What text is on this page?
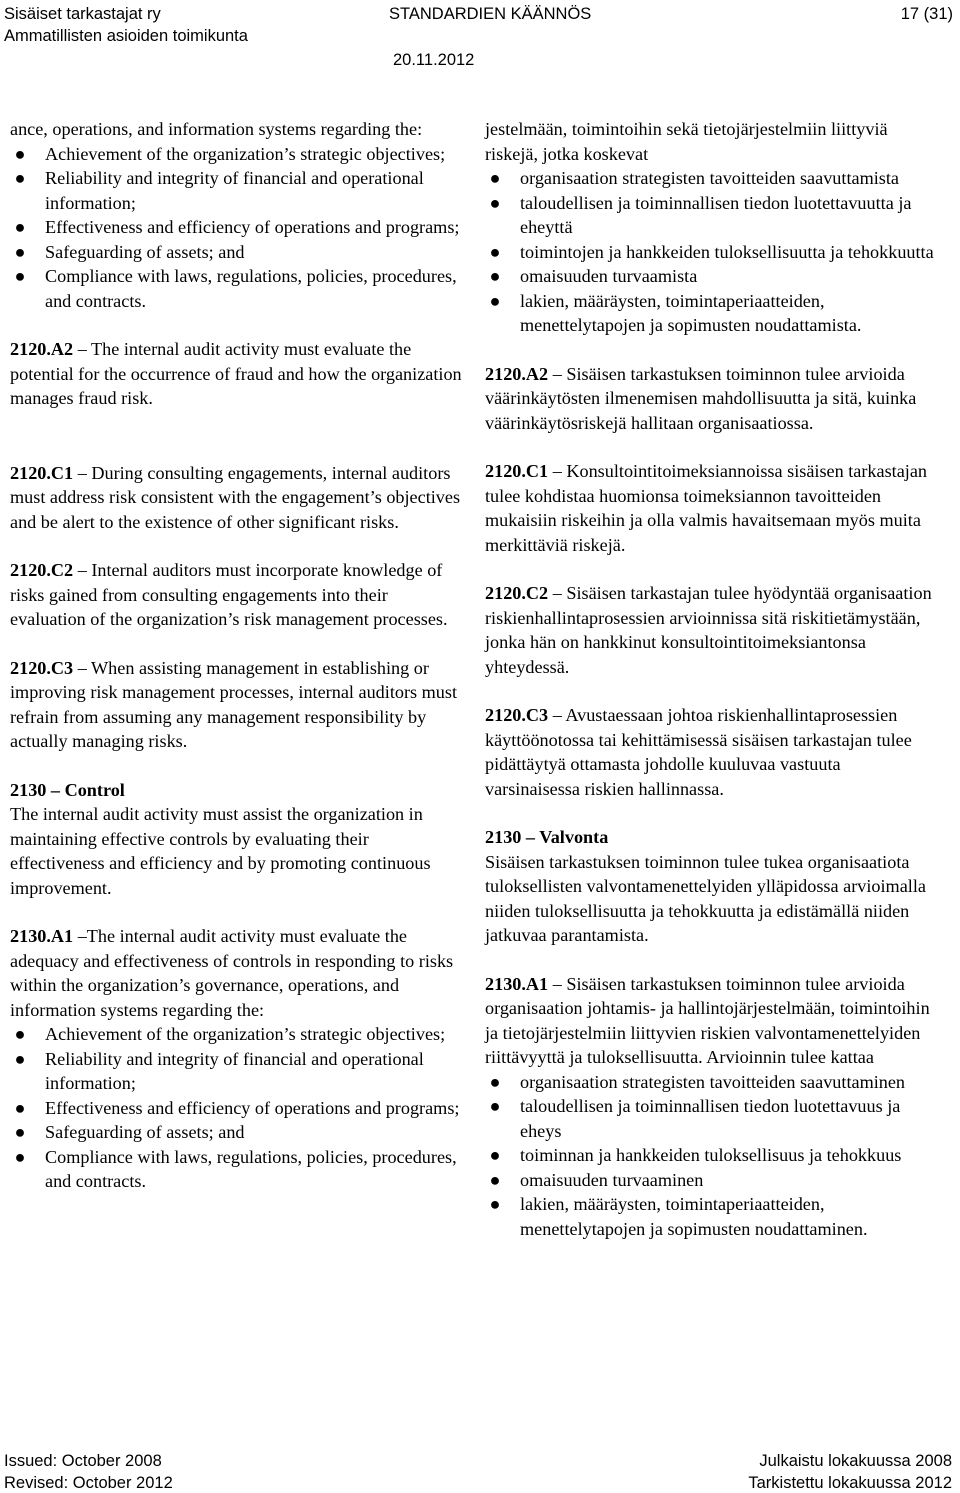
Sisäiset tarkastajat ry
Ammatillisten asioiden toimikunta
STANDARDIEN KÄÄNNÖS
20.11.2012
17 (31)

ance, operations, and information systems regarding the:

● Achievement of the organization’s strategic objectives;
● Reliability and integrity of financial and operational information;
● Effectiveness and efficiency of operations and programs;
● Safeguarding of assets; and
● Compliance with laws, regulations, policies, procedures, and contracts.

2120.A2 – The internal audit activity must evaluate the potential for the occurrence of fraud and how the organization manages fraud risk.

2120.C1 – During consulting engagements, internal auditors must address risk consistent with the engagement’s objectives and be alert to the existence of other significant risks.

2120.C2 – Internal auditors must incorporate knowledge of risks gained from consulting engagements into their evaluation of the organization’s risk management processes.

2120.C3 – When assisting management in establishing or improving risk management processes, internal auditors must refrain from assuming any management responsibility by actually managing risks.

2130 – Control

The internal audit activity must assist the organization in maintaining effective controls by evaluating their effectiveness and efficiency and by promoting continuous improvement.

2130.A1 –The internal audit activity must evaluate the adequacy and effectiveness of controls in responding to risks within the organization’s governance, operations, and information systems regarding the:

● Achievement of the organization’s strategic objectives;
● Reliability and integrity of financial and operational information;
● Effectiveness and efficiency of operations and programs;
● Safeguarding of assets; and
● Compliance with laws, regulations, policies, procedures, and contracts.

jestelmään, toimintoihin sekä tietojärjestelmiin liittyviä riskejä, jotka koskevat

● organisaation strategisten tavoitteiden saavuttamista
● taloudellisen ja toiminnallisen tiedon luotettavuutta ja eheyttä
● toimintojen ja hankkeiden tuloksellisuutta ja tehokkuutta
● omaisuuden turvaamista
● lakien, määräysten, toimintaperiaatteiden, menettelytapojen ja sopimusten noudattamista.

2120.A2 – Sisäisen tarkastuksen toiminnon tulee arvioida väärinkäytösten ilmenemisen mahdollisuutta ja sitä, kuinka väärinkäytösriskejä hallitaan organisaatiossa.

2120.C1 – Konsultointitoimeksiannoissa sisäisen tarkastajan tulee kohdistaa huomionsa toimeksiannon tavoitteiden mukaisiin riskeihin ja olla valmis havaitsemaan myös muita merkittäviä riskejä.

2120.C2 – Sisäisen tarkastajan tulee hyödyntää organisaation riskienhallintaprosessien arvioinnissa sitä riskitietämystään, jonka hän on hankkinut konsultointitoimeksiantonsa yhteydessä.

2120.C3 – Avustaessaan johtoa riskienhallintaprosessien käyttöönotossa tai kehittämisessä sisäisen tarkastajan tulee pidättäytyä ottamasta johdolle kuuluvaa vastuuta varsinaisessa riskien hallinnassa.

2130 – Valvonta

Sisäisen tarkastuksen toiminnon tulee tukea organisaatiota tuloksellisten valvontamenettelyiden ylläpidossa arvioimalla niiden tuloksellisuutta ja tehokkuutta ja edistämällä niiden jatkuvaa parantamista.

2130.A1 – Sisäisen tarkastuksen toiminnon tulee arvioida organisaation johtamis- ja hallintojärjestelmään, toimintoihin ja tietojärjestelmiin liittyvien riskien valvontamenettelyiden riittävyyttä ja tuloksellisuutta. Arvioinnin tulee kattaa

● organisaation strategisten tavoitteiden saavuttaminen
● taloudellisen ja toiminnallisen tiedon luotettavuus ja eheys
● toiminnan ja hankkeiden tuloksellisuus ja tehokkuus
● omaisuuden turvaaminen
● lakien, määräysten, toimintaperiaatteiden, menettelytapojen ja sopimusten noudattaminen.
Issued: October 2008
Revised: October 2012
Julkaistu lokakuussa 2008
Tarkistettu lokakuussa 2012
